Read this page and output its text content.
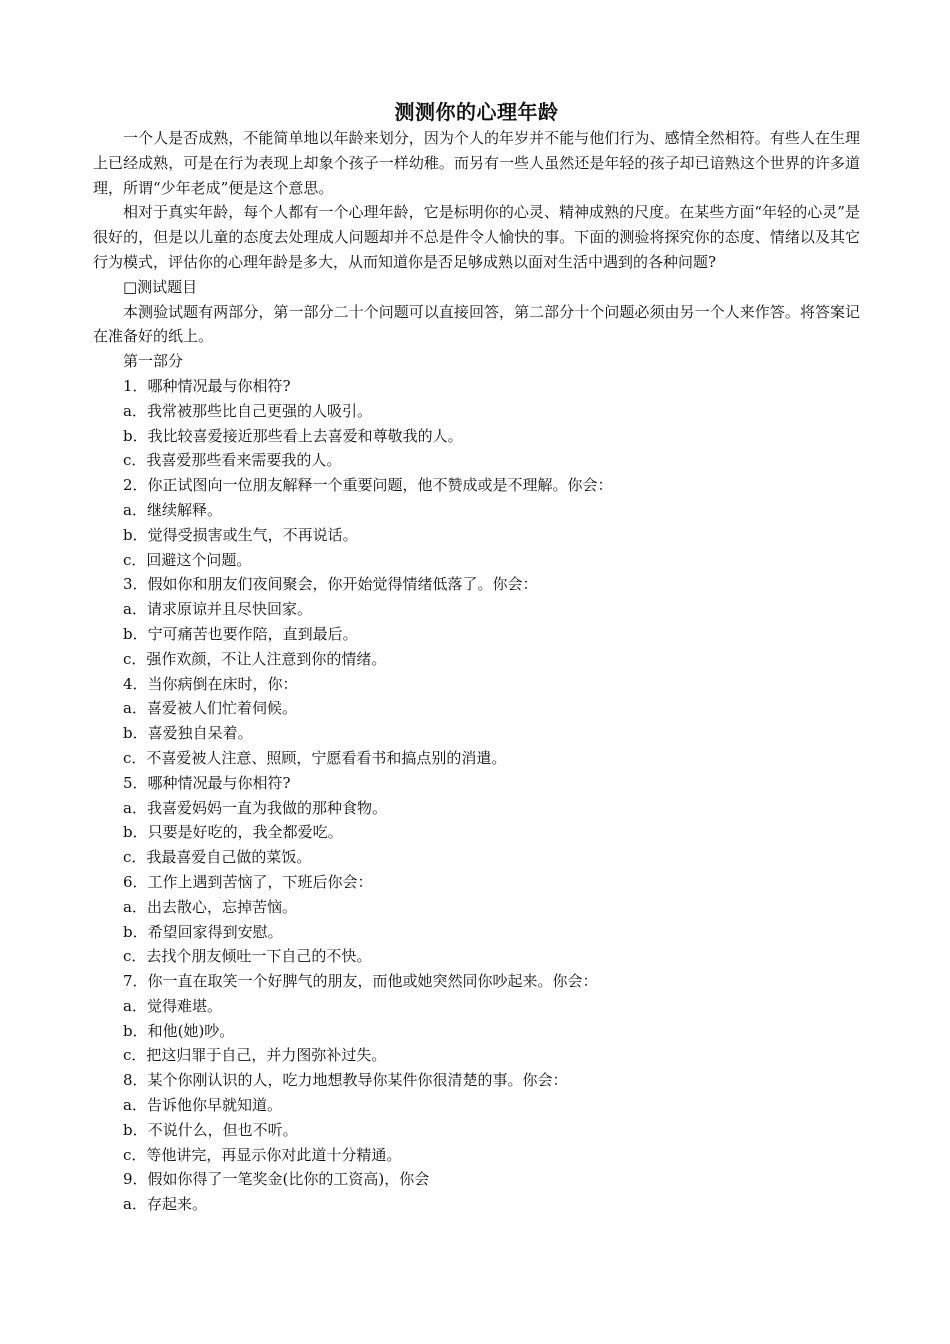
测测你的心理年龄

一个人是否成熟，不能简单地以年龄来划分，因为个人的年岁并不能与他们行为、感情全然相符。有些人在生理上已经成熟，可是在行为表现上却象个孩子一样幼稚。而另有一些人虽然还是年轻的孩子却已谙熟这个世界的许多道理，所谓“少年老成”便是这个意思。

相对于真实年龄，每个人都有一个心理年龄，它是标明你的心灵、精神成熟的尺度。在某些方面“年轻的心灵”是很好的，但是以儿童的态度去处理成人问题却并不总是件令人愉快的事。下面的测验将探究你的态度、情绪以及其它行为模式，评估你的心理年龄是多大，从而知道你是否足够成熟以面对生活中遇到的各种问题?

□测试题目

本测验试题有两部分，第一部分二十个问题可以直接回答，第二部分十个问题必须由另一个人来作答。将答案记在准备好的纸上。

第一部分

1．哪种情况最与你相符?

a．我常被那些比自己更强的人吸引。

b．我比较喜爱接近那些看上去喜爱和尊敬我的人。

c．我喜爱那些看来需要我的人。

2．你正试图向一位朋友解释一个重要问题，他不赞成或是不理解。你会：

a．继续解释。

b．觉得受损害或生气，不再说话。

c．回避这个问题。

3．假如你和朋友们夜间聚会，你开始觉得情绪低落了。你会：

a．请求原谅并且尽快回家。

b．宁可痛苦也要作陪，直到最后。

c．强作欢颜，不让人注意到你的情绪。

4．当你病倒在床时，你：

a．喜爱被人们忙着伺候。

b．喜爱独自呆着。

c．不喜爱被人注意、照顾，宁愿看看书和搞点别的消遣。

5．哪种情况最与你相符?

a．我喜爱妈妈一直为我做的那种食物。

b．只要是好吃的，我全都爱吃。

c．我最喜爱自己做的菜饭。

6．工作上遇到苦恼了，下班后你会：

a．出去散心，忘掉苦恼。

b．希望回家得到安慰。

c．去找个朋友倾吐一下自己的不快。

7．你一直在取笑一个好脾气的朋友，而他或她突然同你吵起来。你会：

a．觉得难堪。

b．和他(她)吵。

c．把这归罪于自己，并力图弥补过失。

8．某个你刚认识的人，吃力地想教导你某件你很清楚的事。你会：

a．告诉他你早就知道。

b．不说什么，但也不听。

c．等他讲完，再显示你对此道十分精通。

9．假如你得了一笔奖金(比你的工资高)，你会

a．存起来。
